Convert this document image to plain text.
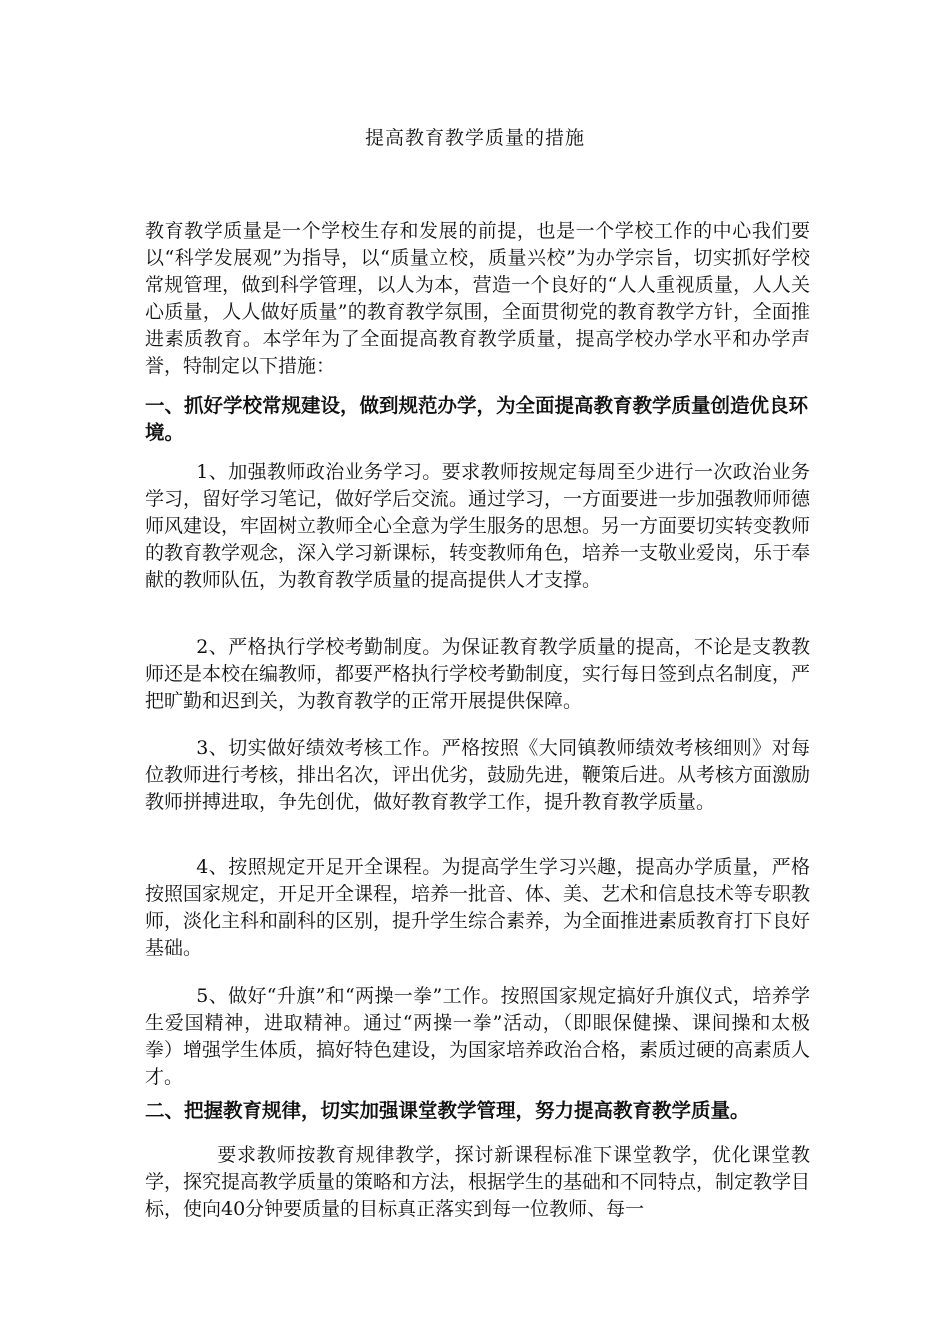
提高教育教学质量的措施
教育教学质量是一个学校生存和发展的前提，也是一个学校工作的中心我们要以“科学发展观”为指导，以“质量立校，质量兴校”为办学宗旨，切实抓好学校常规管理，做到科学管理，以人为本，营造一个良好的“人人重视质量，人人关心质量，人人做好质量”的教育教学氛围，全面贯彻党的教育教学方针，全面推进素质教育。本学年为了全面提高教育教学质量，提高学校办学水平和办学声誉，特制定以下措施：
一、抓好学校常规建设，做到规范办学，为全面提高教育教学质量创造优良环境。
1、加强教师政治业务学习。要求教师按规定每周至少进行一次政治业务学习，留好学习笔记，做好学后交流。通过学习，一方面要进一步加强教师师德师风建设，牢固树立教师全心全意为学生服务的思想。另一方面要切实转变教师的教育教学观念，深入学习新课标，转变教师角色，培养一支敬业爱岗，乐于奉献的教师队伍，为教育教学质量的提高提供人才支撑。
2、严格执行学校考勤制度。为保证教育教学质量的提高，不论是支教教师还是本校在编教师，都要严格执行学校考勤制度，实行每日签到点名制度，严把旷勤和迟到关，为教育教学的正常开展提供保障。
3、切实做好绩效考核工作。严格按照《大同镇教师绩效考核细则》对每位教师进行考核，排出名次，评出优劣，鼓励先进，鞭策后进。从考核方面激励教师拼搏进取，争先创优，做好教育教学工作，提升教育教学质量。
4、按照规定开足开全课程。为提高学生学习兴趣，提高办学质量，严格按照国家规定，开足开全课程，培养一批音、体、美、艺术和信息技术等专职教师，淡化主科和副科的区别，提升学生综合素养，为全面推进素质教育打下良好基础。
5、做好“升旗”和“两操一拳”工作。按照国家规定搞好升旗仪式，培养学生爱国精神，进取精神。通过“两操一拳”活动，（即眼保健操、课间操和太极拳）增强学生体质，搞好特色建设，为国家培养政治合格，素质过硬的高素质人才。
二、把握教育规律，切实加强课堂教学管理，努力提高教育教学质量。
要求教师按教育规律教学，探讨新课程标准下课堂教学，优化课堂教学，探究提高教学质量的策略和方法，根据学生的基础和不同特点，制定教学目标，使向40分钟要质量的目标真正落实到每一位教师、每一
